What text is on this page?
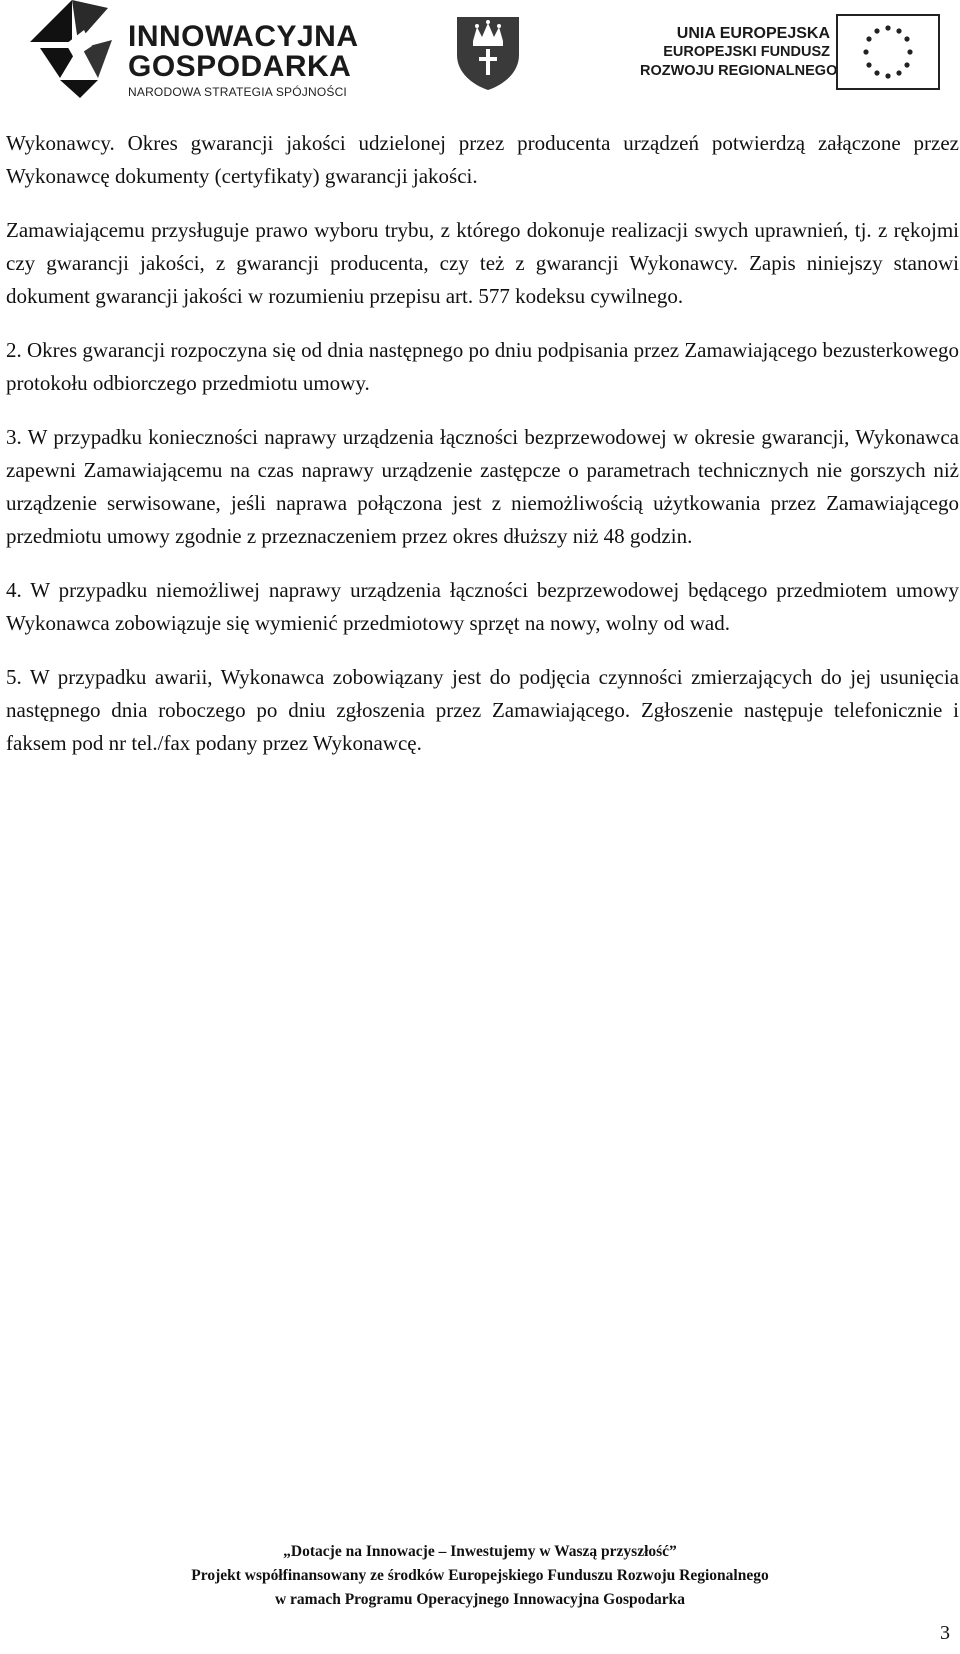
INNOWACYJNA
GOSPODARKA
NARODOWA STRATEGIA SPÓJNOŚCI
UNIA EUROPEJSKA
EUROPEJSKI FUNDUSZ
ROZWOJU REGIONALNEGO

Wykonawcy. Okres gwarancji jakości udzielonej przez producenta urządzeń potwierdzą załączone przez Wykonawcę dokumenty (certyfikaty) gwarancji jakości.

Zamawiającemu przysługuje prawo wyboru trybu, z którego dokonuje realizacji swych uprawnień, tj. z rękojmi czy gwarancji jakości, z gwarancji producenta, czy też z gwarancji Wykonawcy. Zapis niniejszy stanowi dokument gwarancji jakości w rozumieniu przepisu art. 577 kodeksu cywilnego.

2. Okres gwarancji rozpoczyna się od dnia następnego po dniu podpisania przez Zamawiającego bezusterkowego protokołu odbiorczego przedmiotu umowy.

3. W przypadku konieczności naprawy urządzenia łączności bezprzewodowej w okresie gwarancji, Wykonawca zapewni Zamawiającemu na czas naprawy urządzenie zastępcze o parametrach technicznych nie gorszych niż urządzenie serwisowane, jeśli naprawa połączona jest z niemożliwością użytkowania przez Zamawiającego przedmiotu umowy zgodnie z przeznaczeniem przez okres dłuższy niż 48 godzin.

4. W przypadku niemożliwej naprawy urządzenia łączności bezprzewodowej będącego przedmiotem umowy Wykonawca zobowiązuje się wymienić przedmiotowy sprzęt na nowy, wolny od wad.

5. W przypadku awarii, Wykonawca zobowiązany jest do podjęcia czynności zmierzających do jej usunięcia następnego dnia roboczego po dniu zgłoszenia przez Zamawiającego. Zgłoszenie następuje telefonicznie i faksem pod nr tel./fax podany przez Wykonawcę.

„Dotacje na Innowacje – Inwestujemy w Waszą przyszłość”
Projekt współfinansowany ze środków Europejskiego Funduszu Rozwoju Regionalnego
w ramach Programu Operacyjnego Innowacyjna Gospodarka
3
